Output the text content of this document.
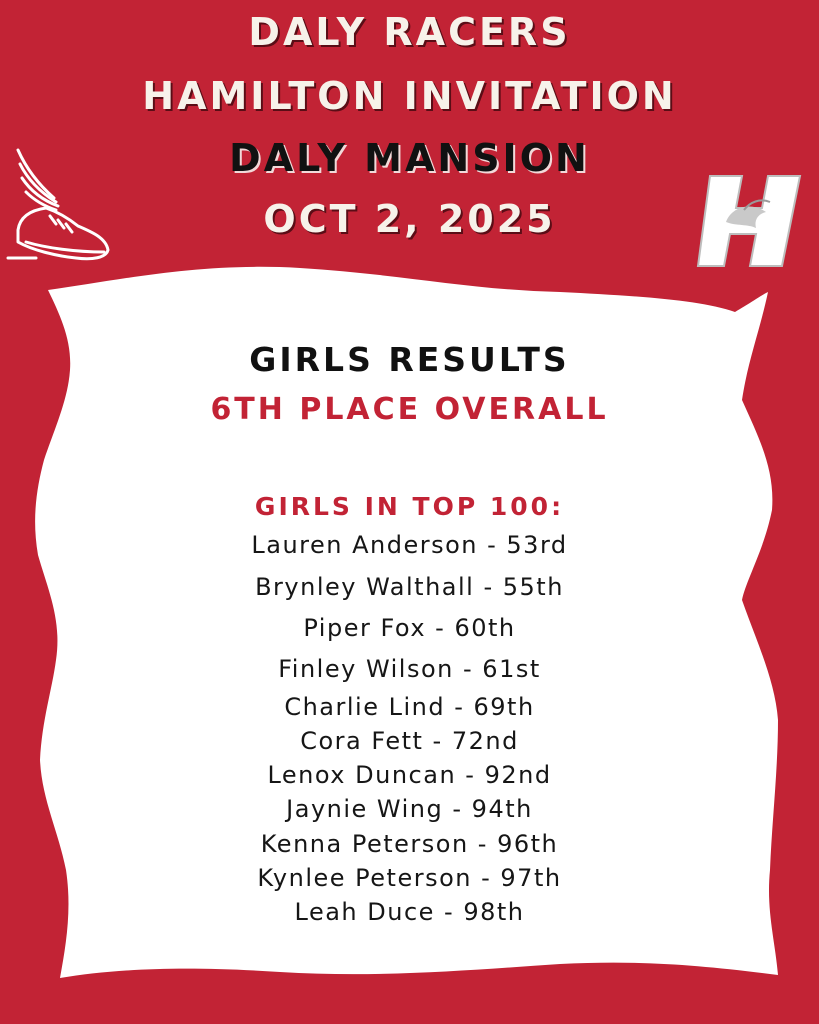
DALY RACERS
HAMILTON INVITATION
DALY MANSION
OCT 2, 2025
GIRLS RESULTS
6TH PLACE OVERALL
GIRLS IN TOP 100:
Lauren Anderson - 53rd
Brynley Walthall - 55th
Piper Fox - 60th
Finley Wilson - 61st
Charlie Lind - 69th
Cora Fett - 72nd
Lenox Duncan - 92nd
Jaynie Wing - 94th
Kenna Peterson - 96th
Kynlee Peterson - 97th
Leah Duce - 98th
